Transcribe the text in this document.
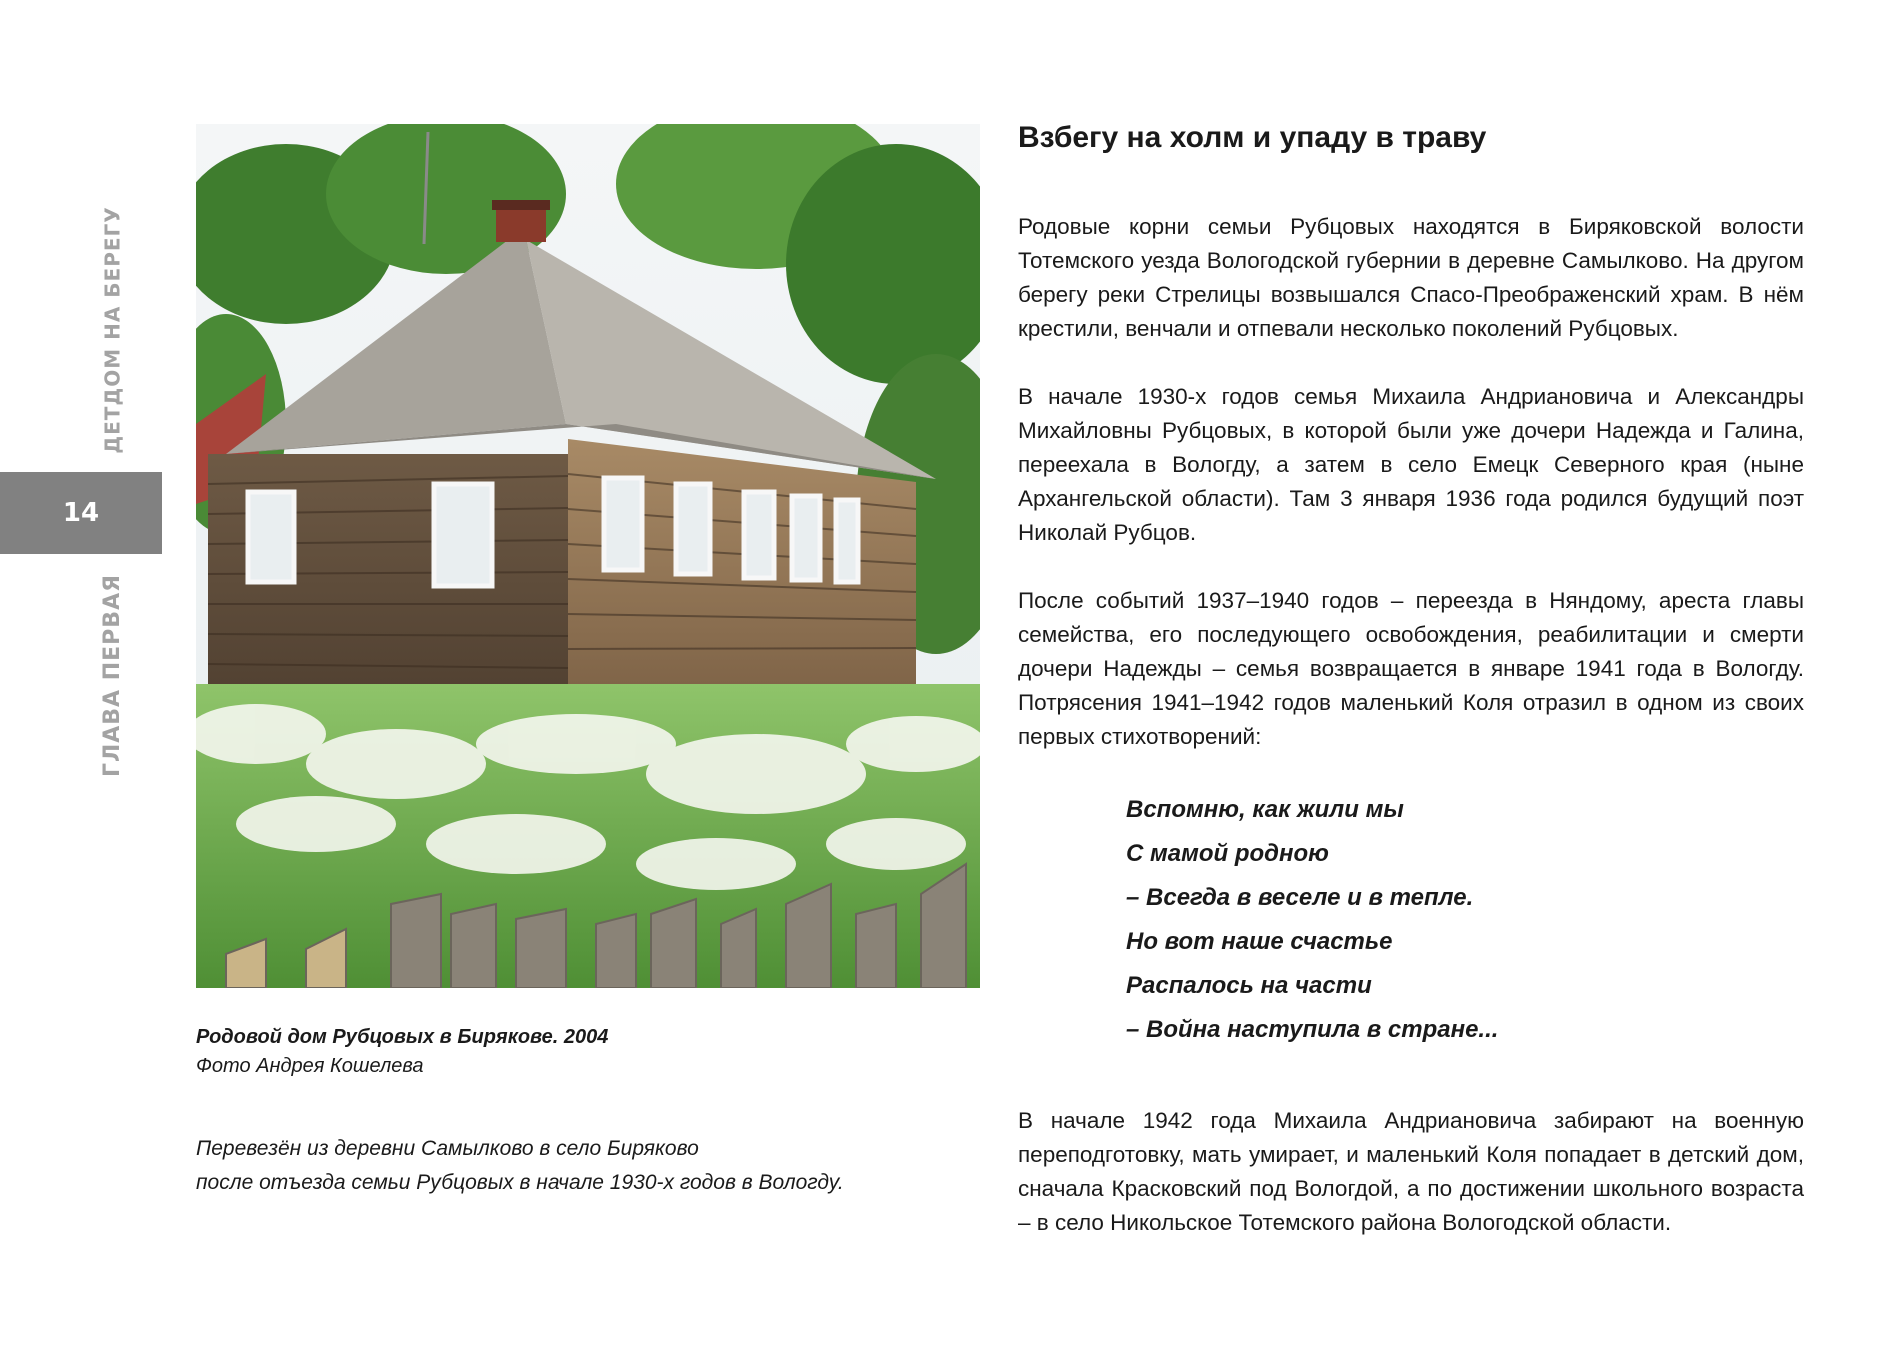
ДЕТДОМ НА БЕРЕГУ
14
ГЛАВА ПЕРВАЯ

Родовой дом Рубцовых в Бирякове. 2004

Фото Андрея Кошелева

Перевезён из деревни Самылково в село Биряково

после отъезда семьи Рубцовых в начале 1930-х годов в Вологду.

Взбегу на холм и упаду в траву

Родовые корни семьи Рубцовых находятся в Биряковской волости Тотемского уезда Вологодской губернии в деревне Самылково. На другом берегу реки Стрелицы возвышался Спасо-Преображенский храм. В нём крестили, венчали и отпевали несколько поколений Рубцовых.

В начале 1930-х годов семья Михаила Андриановича и Александры Михайловны Рубцовых, в которой были уже дочери Надежда и Галина, переехала в Вологду, а затем в село Емецк Северного края (ныне Архангельской области). Там 3 января 1936 года родился будущий поэт Николай Рубцов.

После событий 1937–1940 годов – переезда в Няндому, ареста главы семейства, его последующего освобождения, реабилитации и смерти дочери Надежды – семья возвращается в январе 1941 года в Вологду. Потрясения 1941–1942 годов маленький Коля отразил в одном из своих первых стихотворений:

Вспомню, как жили мы

С мамой родною

– Всегда в веселе и в тепле.

Но вот наше счастье

Распалось на части

– Война наступила в стране...

В начале 1942 года Михаила Андриановича забирают на военную переподготовку, мать умирает, и маленький Коля попадает в детский дом, сначала Красковский под Вологдой, а по достижении школьного возраста – в село Никольское Тотемского района Вологодской области.
